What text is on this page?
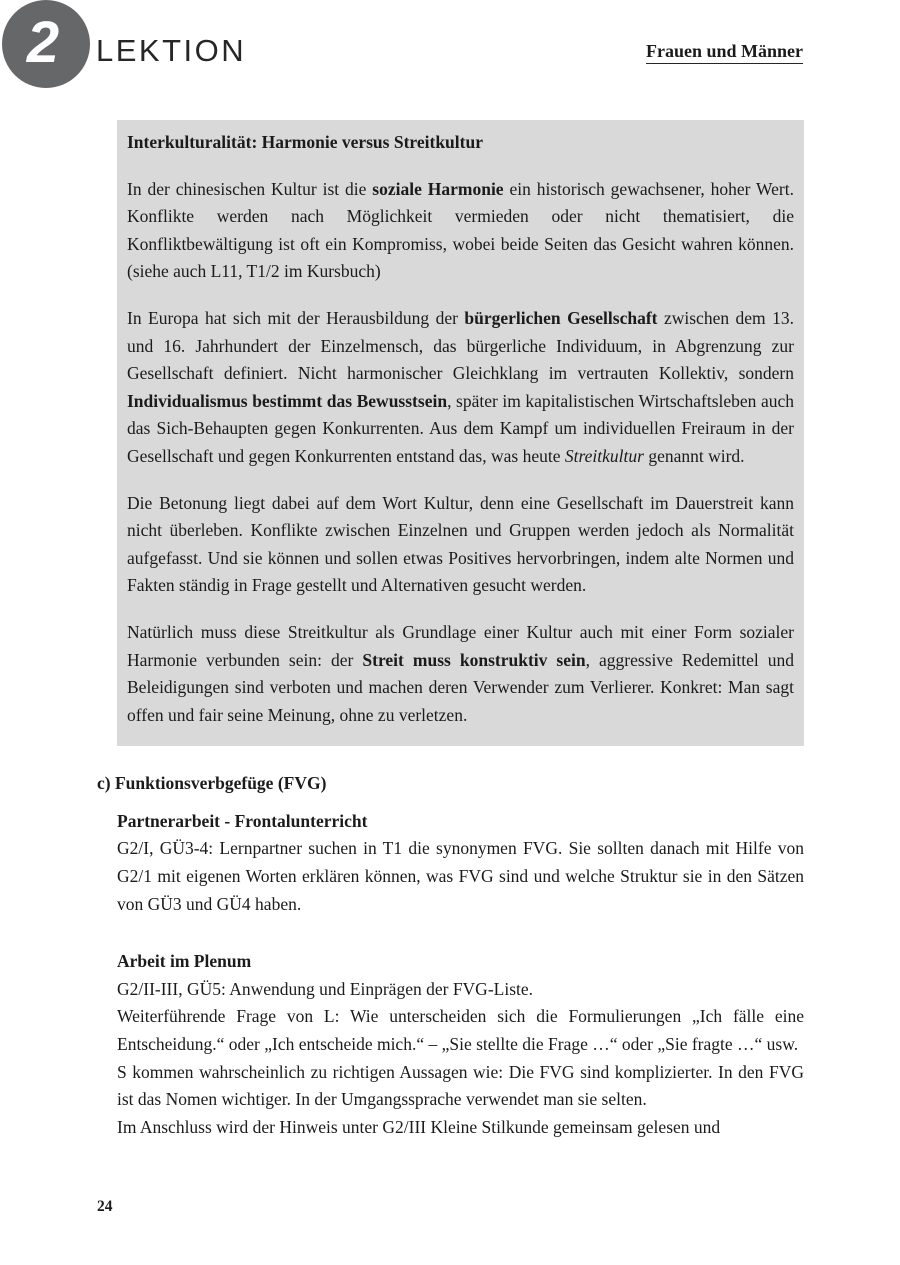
2 LEKTION	Frauen und Männer
Interkulturalität: Harmonie versus Streitkultur

In der chinesischen Kultur ist die soziale Harmonie ein historisch gewachsener, hoher Wert. Konflikte werden nach Möglichkeit vermieden oder nicht thematisiert, die Konfliktbewältigung ist oft ein Kompromiss, wobei beide Seiten das Gesicht wahren können. (siehe auch L11, T1/2 im Kursbuch)

In Europa hat sich mit der Herausbildung der bürgerlichen Gesellschaft zwischen dem 13. und 16. Jahrhundert der Einzelmensch, das bürgerliche Individuum, in Abgrenzung zur Gesellschaft definiert. Nicht harmonischer Gleichklang im vertrauten Kollektiv, sondern Individualismus bestimmt das Bewusstsein, später im kapitalistischen Wirtschaftsleben auch das Sich-Behaupten gegen Konkurrenten. Aus dem Kampf um individuellen Freiraum in der Gesellschaft und gegen Konkurrenten entstand das, was heute Streitkultur genannt wird.

Die Betonung liegt dabei auf dem Wort Kultur, denn eine Gesellschaft im Dauerstreit kann nicht überleben. Konflikte zwischen Einzelnen und Gruppen werden jedoch als Normalität aufgefasst. Und sie können und sollen etwas Positives hervorbringen, indem alte Normen und Fakten ständig in Frage gestellt und Alternativen gesucht werden.

Natürlich muss diese Streitkultur als Grundlage einer Kultur auch mit einer Form sozialer Harmonie verbunden sein: der Streit muss konstruktiv sein, aggressive Redemittel und Beleidigungen sind verboten und machen deren Verwender zum Verlierer. Konkret: Man sagt offen und fair seine Meinung, ohne zu verletzen.

c) Funktionsverbgefüge (FVG)
Partnerarbeit - Frontalunterricht

G2/I, GÜ3-4: Lernpartner suchen in T1 die synonymen FVG. Sie sollten danach mit Hilfe von G2/1 mit eigenen Worten erklären können, was FVG sind und welche Struktur sie in den Sätzen von GÜ3 und GÜ4 haben.

Arbeit im Plenum

G2/II-III, GÜ5: Anwendung und Einprägen der FVG-Liste.

Weiterführende Frage von L: Wie unterscheiden sich die Formulierungen „Ich fälle eine Entscheidung.“ oder „Ich entscheide mich.“ – „Sie stellte die Frage …“ oder „Sie fragte …“ usw.

S kommen wahrscheinlich zu richtigen Aussagen wie: Die FVG sind komplizierter. In den FVG ist das Nomen wichtiger. In der Umgangssprache verwendet man sie selten.

Im Anschluss wird der Hinweis unter G2/III Kleine Stilkunde gemeinsam gelesen und

24
